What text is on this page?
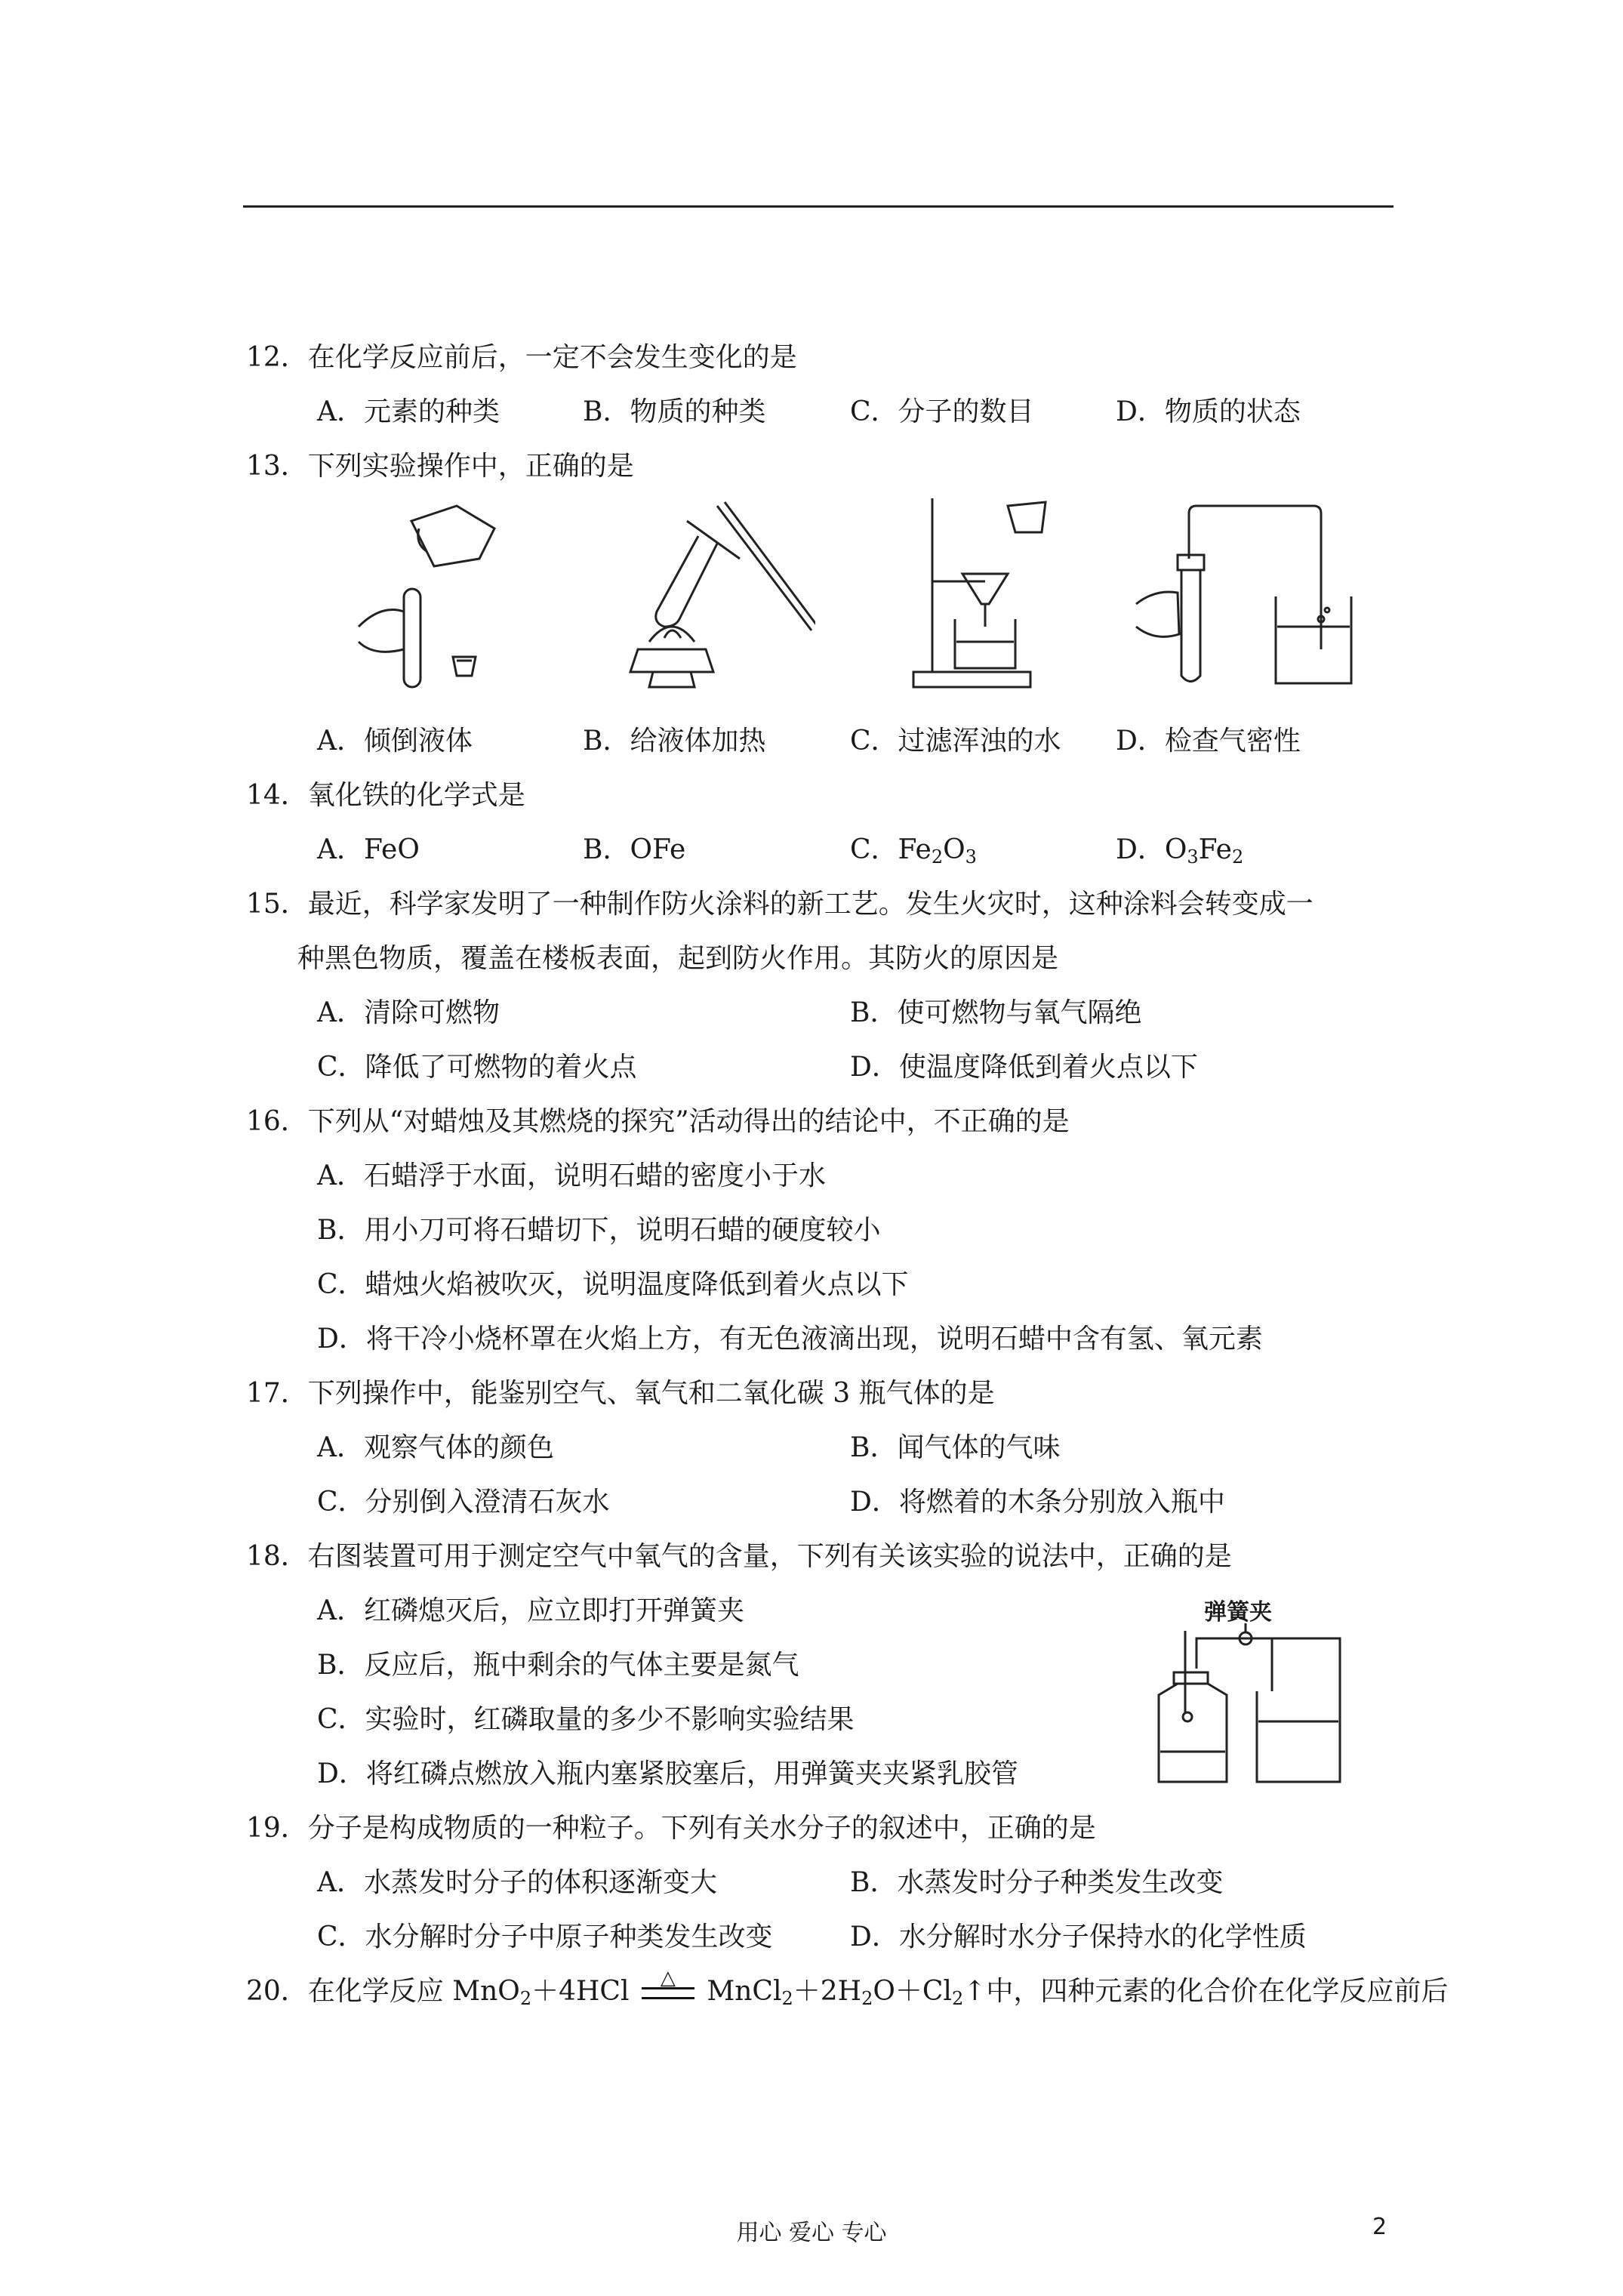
12．在化学反应前后，一定不会发生变化的是
A．元素的种类	B．物质的种类	C．分子的数目	D．物质的状态
13．下列实验操作中，正确的是
A．倾倒液体	B．给液体加热	C．过滤浑浊的水 D．检查气密性
14．氧化铁的化学式是
A．FeO	B．OFe	C．$Fe_2O_3$	D．$O_3Fe_2$
15．最近，科学家发明了一种制作防火涂料的新工艺。发生火灾时，这种涂料会转变成一
种黑色物质，覆盖在楼板表面，起到防火作用。其防火的原因是
A．清除可燃物	B．使可燃物与氧气隔绝
C．降低了可燃物的着火点	D．使温度降低到着火点以下
16．下列从“对蜡烛及其燃烧的探究”活动得出的结论中，不正确的是
A．石蜡浮于水面，说明石蜡的密度小于水
B．用小刀可将石蜡切下，说明石蜡的硬度较小
C．蜡烛火焰被吹灭，说明温度降低到着火点以下
D．将干冷小烧杯罩在火焰上方，有无色液滴出现，说明石蜡中含有氢、氧元素
17．下列操作中，能鉴别空气、氧气和二氧化碳 3 瓶气体的是
A．观察气体的颜色	B．闻气体的气味
C．分别倒入澄清石灰水	D．将燃着的木条分别放入瓶中
18．右图装置可用于测定空气中氧气的含量，下列有关该实验的说法中，正确的是
A．红磷熄灭后，应立即打开弹簧夹
B．反应后，瓶中剩余的气体主要是氮气
C．实验时，红磷取量的多少不影响实验结果
D．将红磷点燃放入瓶内塞紧胶塞后，用弹簧夹夹紧乳胶管
弹簧夹
19．分子是构成物质的一种粒子。下列有关水分子的叙述中，正确的是
A．水蒸发时分子的体积逐渐变大	B．水蒸发时分子种类发生改变
C．水分解时分子中原子种类发生改变	D．水分解时水分子保持水的化学性质
20．在化学反应 MnO$_2$＋4HCl △ $MnCl_2+2H_2O+Cl_2↑$中，四种元素的化合价在化学反应前后
用心 爱心 专心	2
